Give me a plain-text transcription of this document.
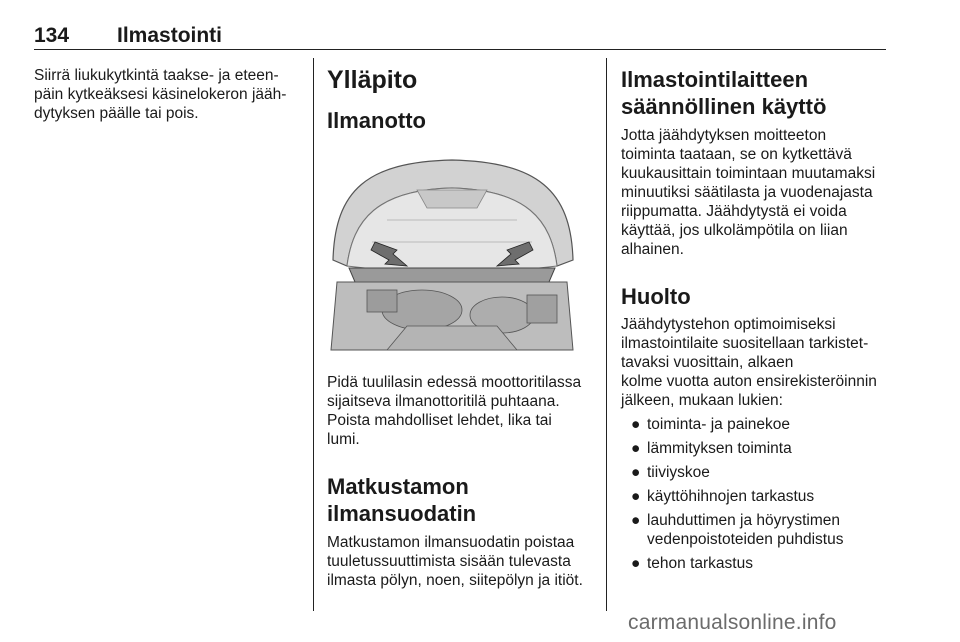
134 Ilmastointi

Siirrä liukukytkintä taakse- ja eteen-
päin kytkeäksesi käsinelokeron jääh-
dytyksen päälle tai pois.

Ylläpito
Ilmanotto

Pidä tuulilasin edessä moottoritilassa
sijaitseva ilmanottoritilä puhtaana.
Poista mahdolliset lehdet, lika tai
lumi.

Matkustamon
ilmansuodatin

Matkustamon ilmansuodatin poistaa
tuuletussuuttimista sisään tulevasta
ilmasta pölyn, noen, siitepölyn ja itiöt.

Ilmastointilaitteen
säännöllinen käyttö

Jotta jäähdytyksen moitteeton
toiminta taataan, se on kytkettävä
kuukausittain toimintaan muutamaksi
minuutiksi säätilasta ja vuodenajasta
riippumatta. Jäähdytystä ei voida
käyttää, jos ulkolämpötila on liian
alhainen.

Huolto

Jäähdytystehon optimoimiseksi
ilmastointilaite suositellaan tarkistet-
tavaksi vuosittain, alkaen
kolme vuotta auton ensirekisteröinnin
jälkeen, mukaan lukien:

● toiminta- ja painekoe
● lämmityksen toiminta
● tiiviyskoe
● käyttöhihnojen tarkastus
● lauhduttimen ja höyrystimen
vedenpoistoteiden puhdistus
● tehon tarkastus
carmanualsonline.info
